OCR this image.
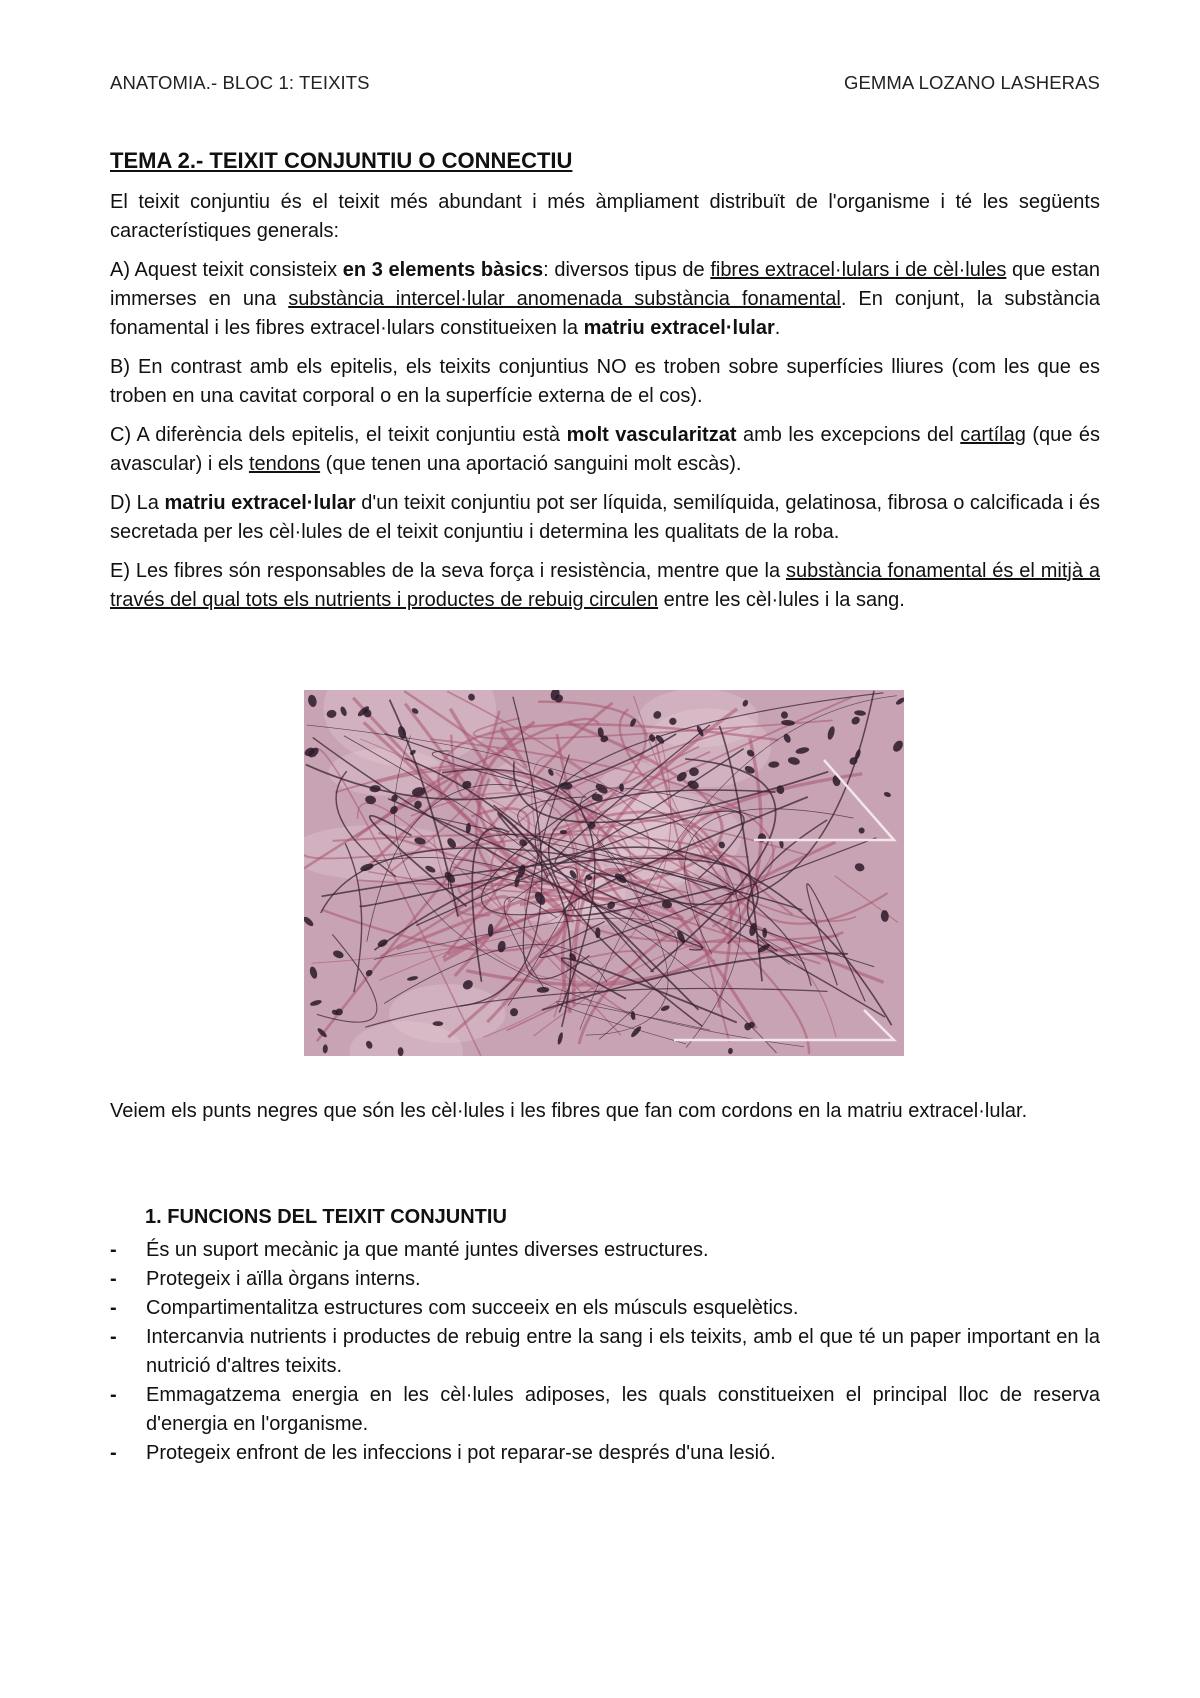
ANATOMIA.- BLOC 1: TEIXITS	GEMMA LOZANO LASHERAS
TEMA 2.- TEIXIT CONJUNTIU O CONNECTIU

El teixit conjuntiu és el teixit més abundant i més àmpliament distribuït de l'organisme i té les següents característiques generals:

A) Aquest teixit consisteix en 3 elements bàsics: diversos tipus de fibres extracel·lulars i de cèl·lules que estan immerses en una substància intercel·lular anomenada substància fonamental. En conjunt, la substància fonamental i les fibres extracel·lulars constitueixen la matriu extracel·lular.

B) En contrast amb els epitelis, els teixits conjuntius NO es troben sobre superfícies lliures (com les que es troben en una cavitat corporal o en la superfície externa de el cos).

C) A diferència dels epitelis, el teixit conjuntiu està molt vascularitzat amb les excepcions del cartílag (que és avascular) i els tendons (que tenen una aportació sanguini molt escàs).

D) La matriu extracel·lular d'un teixit conjuntiu pot ser líquida, semilíquida, gelatinosa, fibrosa o calcificada i és secretada per les cèl·lules de el teixit conjuntiu i determina les qualitats de la roba.

E) Les fibres són responsables de la seva força i resistència, mentre que la substància fonamental és el mitjà a través del qual tots els nutrients i productes de rebuig circulen entre les cèl·lules i la sang.

Veiem els punts negres que són les cèl·lules i les fibres que fan com cordons en la matriu extracel·lular.

1. FUNCIONS DEL TEIXIT CONJUNTIU
- És un suport mecànic ja que manté juntes diverses estructures.
- Protegeix i aïlla òrgans interns.
- Compartimentalitza estructures com succeeix en els músculs esquelètics.
- Intercanvia nutrients i productes de rebuig entre la sang i els teixits, amb el que té un paper important en la nutrició d'altres teixits.
- Emmagatzema energia en les cèl·lules adiposes, les quals constitueixen el principal lloc de reserva d'energia en l'organisme.
- Protegeix enfront de les infeccions i pot reparar-se després d'una lesió.
